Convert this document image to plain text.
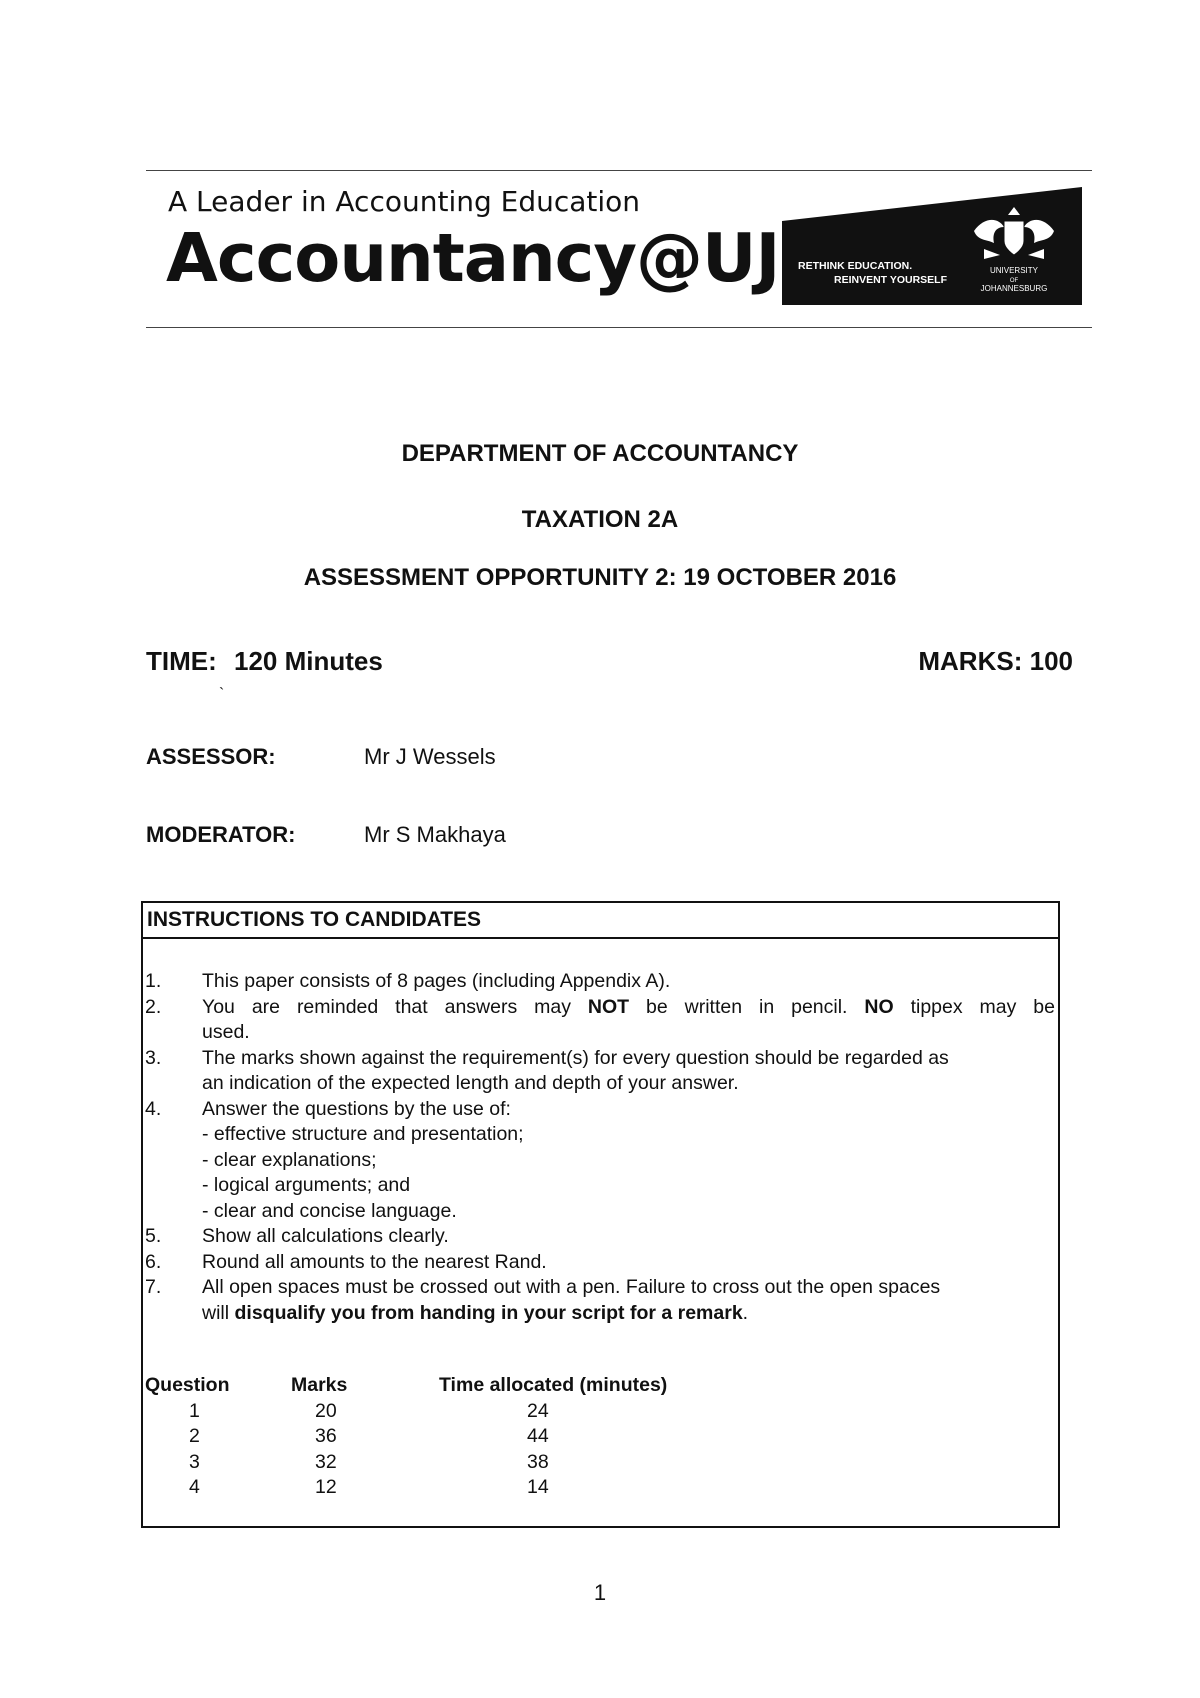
A Leader in Accounting Education
Accountancy@UJ RETHINK EDUCATION.
REINVENT YOURSELF
UNIVERSITY
OF
JOHANNESBURG
DEPARTMENT OF ACCOUNTANCY
TAXATION 2A
ASSESSMENT OPPORTUNITY 2: 19 OCTOBER 2016
TIME: 120 Minutes	MARKS: 100
`
ASSESSOR:	Mr J Wessels
MODERATOR:	Mr S Makhaya
INSTRUCTIONS TO CANDIDATES
1.	This paper consists of 8 pages (including Appendix A).
2.	You are reminded that answers may NOT be written in pencil. NO tippex may be
used.
3.	The marks shown against the requirement(s) for every question should be regarded as
an indication of the expected length and depth of your answer.
4.	Answer the questions by the use of:
- effective structure and presentation;
- clear explanations;
- logical arguments; and
- clear and concise language.
5.	Show all calculations clearly.
6.	Round all amounts to the nearest Rand.
7.	All open spaces must be crossed out with a pen. Failure to cross out the open spaces
will disqualify you from handing in your script for a remark.
Question	Marks	Time allocated (minutes)
1	20	24
2	36	44
3	32	38
4	12	14
1
